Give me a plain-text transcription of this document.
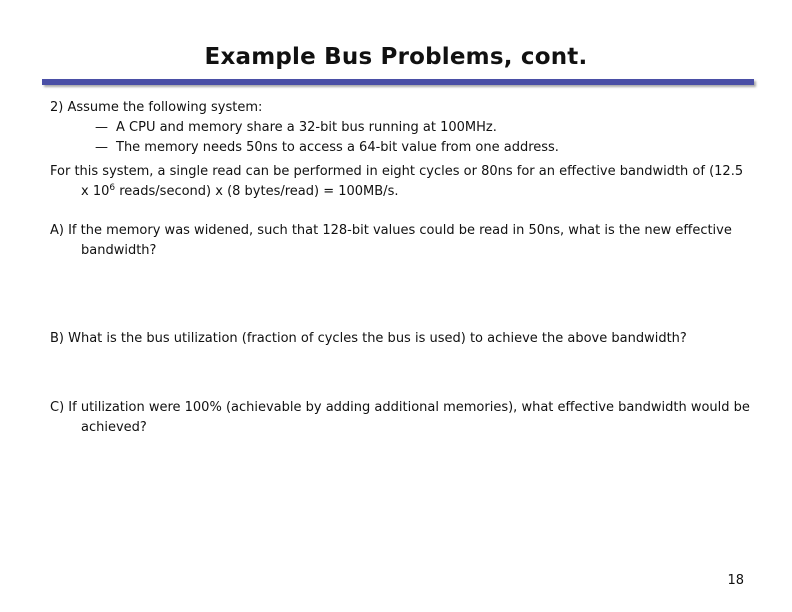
Example Bus Problems, cont.

2) Assume the following system:

— A CPU and memory share a 32-bit bus running at 100MHz.
— The memory needs 50ns to access a 64-bit value from one address.

For this system, a single read can be performed in eight cycles or 80ns for an effective bandwidth of (12.5 x $10^6$ reads/second) x (8 bytes/read) = 100MB/s.

A) If the memory was widened, such that 128-bit values could be read in 50ns, what is the new effective bandwidth?

B) What is the bus utilization (fraction of cycles the bus is used) to achieve the above bandwidth?

C) If utilization were 100% (achievable by adding additional memories), what effective bandwidth would be achieved?

18
